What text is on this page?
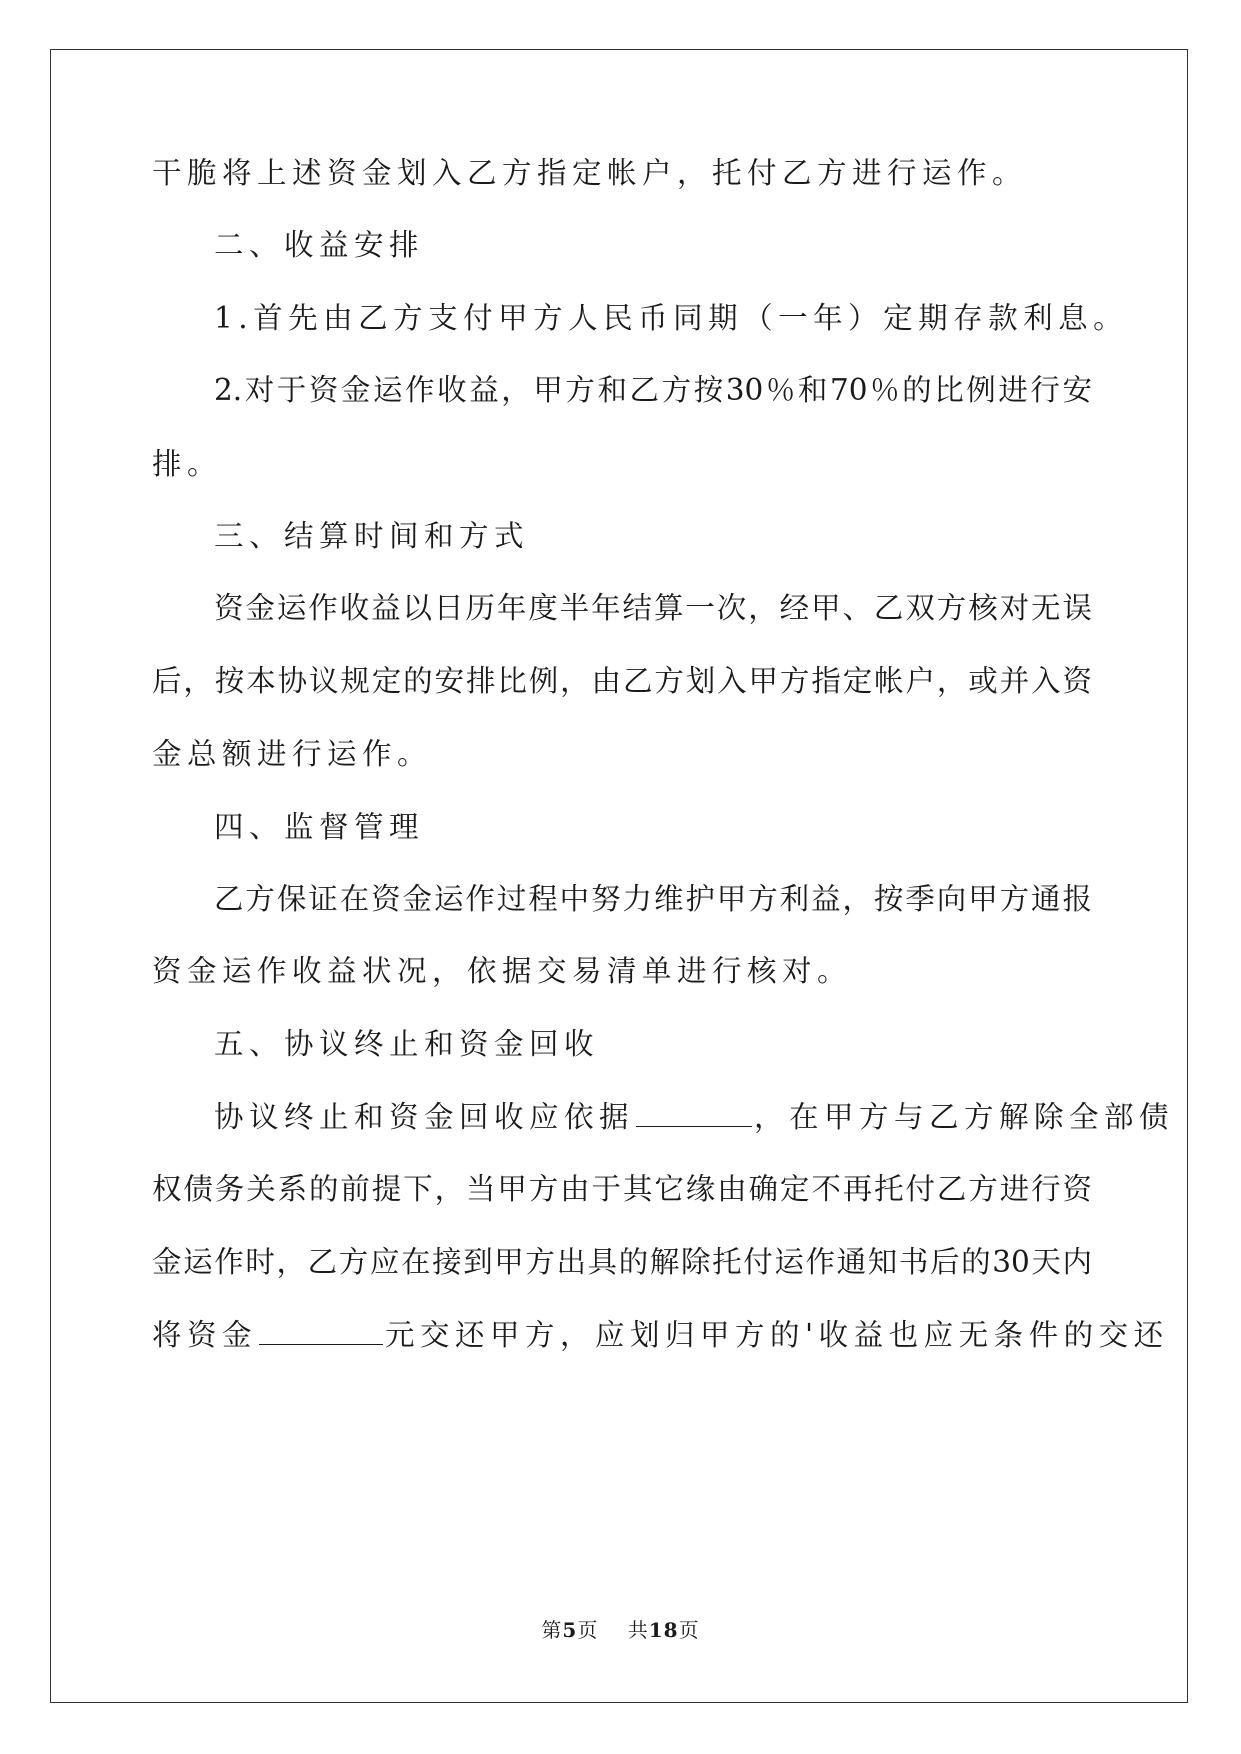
干脆将上述资金划入乙方指定帐户，托付乙方进行运作。
二、收益安排
1.首先由乙方支付甲方人民币同期（一年）定期存款利息。
2.对于资金运作收益，甲方和乙方按30％和70％的比例进行安
排。
三、结算时间和方式
资金运作收益以日历年度半年结算一次，经甲、乙双方核对无误
后，按本协议规定的安排比例，由乙方划入甲方指定帐户，或并入资
金总额进行运作。
四、监督管理
乙方保证在资金运作过程中努力维护甲方利益，按季向甲方通报
资金运作收益状况，依据交易清单进行核对。
五、协议终止和资金回收
协议终止和资金回收应依据	，在甲方与乙方解除全部债
权债务关系的前提下，当甲方由于其它缘由确定不再托付乙方进行资
金运作时，乙方应在接到甲方出具的解除托付运作通知书后的30天内
将资金	元交还甲方，应划归甲方的'收益也应无条件的交还
第5页 共18页
